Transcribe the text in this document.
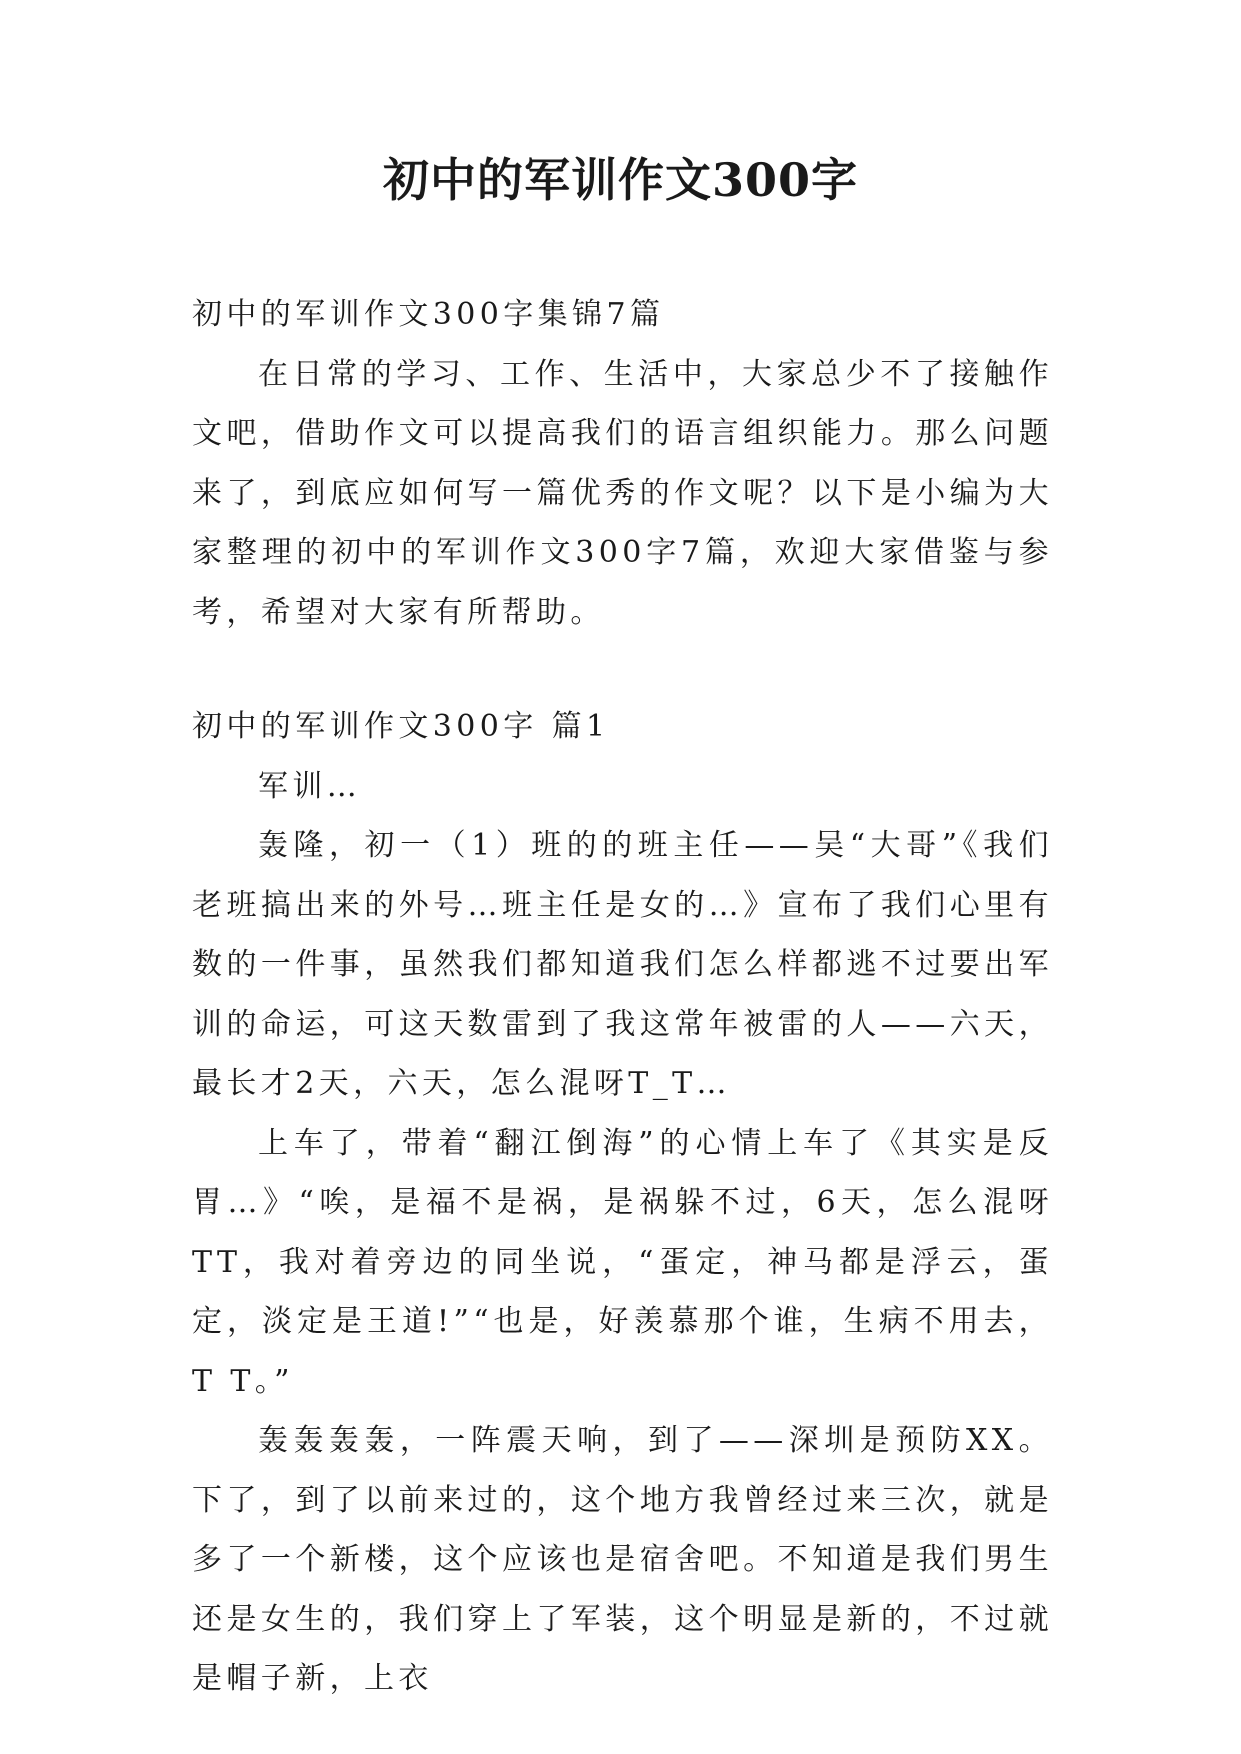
初中的军训作文300字

初中的军训作文300字集锦7篇

在日常的学习、工作、生活中，大家总少不了接触作文吧，借助作文可以提高我们的语言组织能力。那么问题来了，到底应如何写一篇优秀的作文呢？以下是小编为大家整理的初中的军训作文300字7篇，欢迎大家借鉴与参考，希望对大家有所帮助。

初中的军训作文300字 篇1

军训…

轰隆，初一（1）班的的班主任——吴“大哥”《我们老班搞出来的外号…班主任是女的…》宣布了我们心里有数的一件事，虽然我们都知道我们怎么样都逃不过要出军训的命运，可这天数雷到了我这常年被雷的人——六天，最长才2天，六天，怎么混呀T_T…

上车了，带着“翻江倒海”的心情上车了《其实是反胃…》“唉，是福不是祸，是祸躲不过，6天，怎么混呀TT，我对着旁边的同坐说，“蛋定，神马都是浮云，蛋定，淡定是王道!”“也是，好羡慕那个谁，生病不用去，T T。”

轰轰轰轰，一阵震天响，到了——深圳是预防XX。下了，到了以前来过的，这个地方我曾经过来三次，就是多了一个新楼，这个应该也是宿舍吧。不知道是我们男生还是女生的，我们穿上了军装，这个明显是新的，不过就是帽子新，上衣
